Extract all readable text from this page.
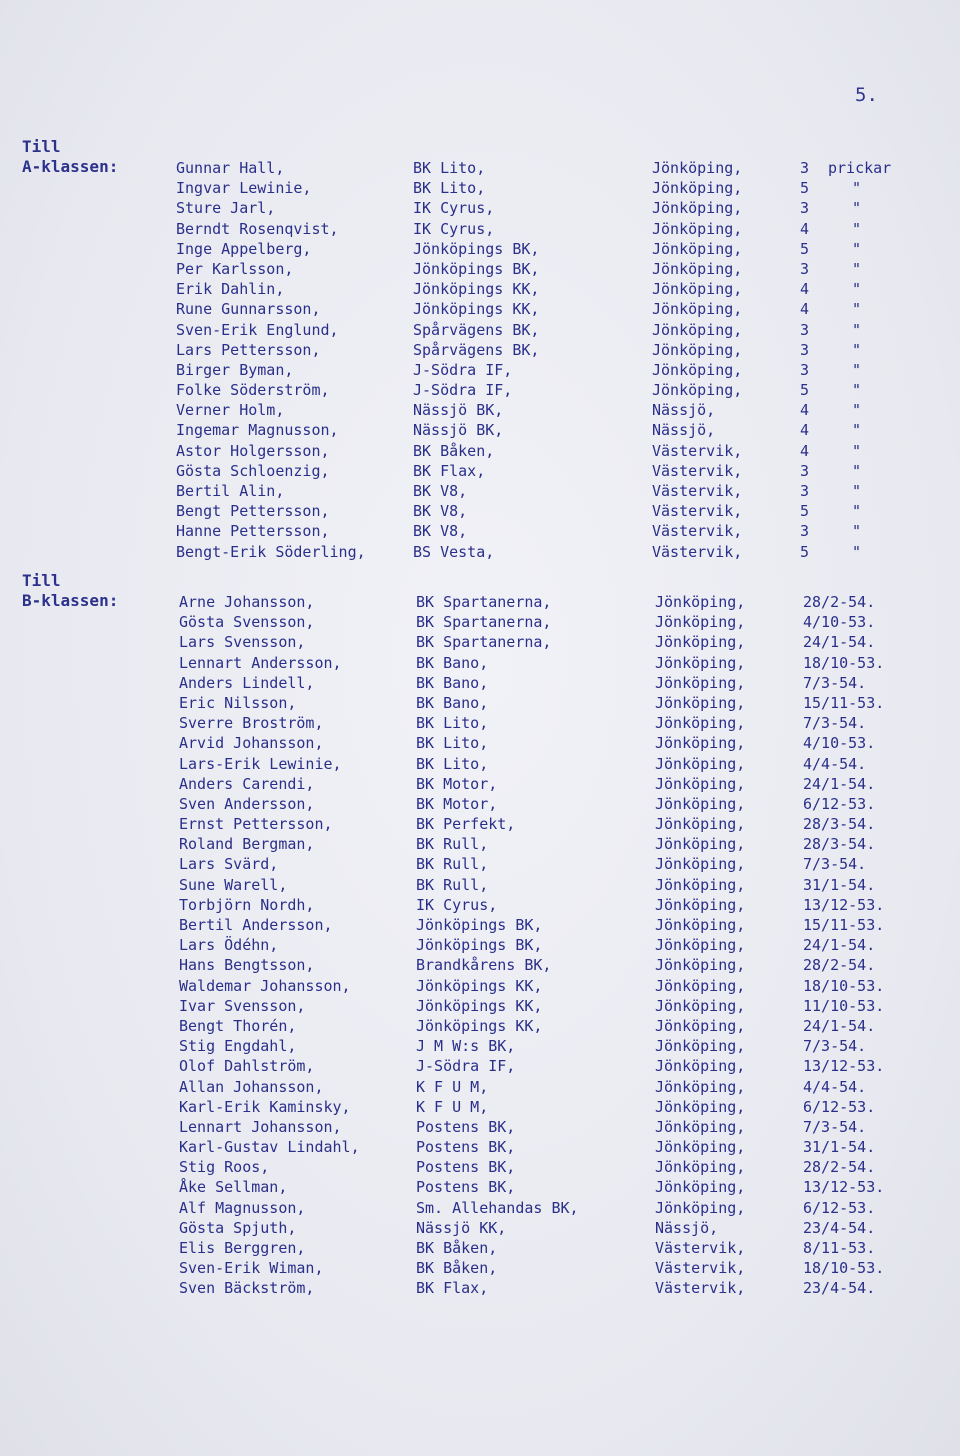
5.
Till
A-klassen:	Gunnar Hall,	BK Lito,	Jönköping,	3 prickar
Ingvar Lewinie,	BK Lito,	Jönköping,	5	"
Sture Jarl,	IK Cyrus,	Jönköping,	3	"
Berndt Rosenqvist,	IK Cyrus,	Jönköping,	4	"
Inge Appelberg,	Jönköpings BK,	Jönköping,	5	"
Per Karlsson,	Jönköpings BK,	Jönköping,	3	"
Erik Dahlin,	Jönköpings KK,	Jönköping,	4	"
Rune Gunnarsson,	Jönköpings KK,	Jönköping,	4	"
Sven-Erik Englund,	Spårvägens BK,	Jönköping,	3	"
Lars Pettersson,	Spårvägens BK,	Jönköping,	3	"
Birger Byman,	J-Södra IF,	Jönköping,	3	"
Folke Söderström,	J-Södra IF,	Jönköping,	5	"
Verner Holm,	Nässjö BK,	Nässjö,	4	"
Ingemar Magnusson,	Nässjö BK,	Nässjö,	4	"
Astor Holgersson,	BK Båken,	Västervik,	4	"
Gösta Schloenzig,	BK Flax,	Västervik,	3	"
Bertil Alin,	BK V8,	Västervik,	3	"
Bengt Pettersson,	BK V8,	Västervik,	5	"
Hanne Pettersson,	BK V8,	Västervik,	3	"
Bengt-Erik Söderling,	BS Vesta,	Västervik,	5	"
Till
B-klassen:	Arne Johansson,	BK Spartanerna,	Jönköping,	28/2-54.
Gösta Svensson,	BK Spartanerna,	Jönköping,	4/10-53.
Lars Svensson,	BK Spartanerna,	Jönköping,	24/1-54.
Lennart Andersson,	BK Bano,	Jönköping,	18/10-53.
Anders Lindell,	BK Bano,	Jönköping,	7/3-54.
Eric Nilsson,	BK Bano,	Jönköping,	15/11-53.
Sverre Broström,	BK Lito,	Jönköping,	7/3-54.
Arvid Johansson,	BK Lito,	Jönköping,	4/10-53.
Lars-Erik Lewinie,	BK Lito,	Jönköping,	4/4-54.
Anders Carendi,	BK Motor,	Jönköping,	24/1-54.
Sven Andersson,	BK Motor,	Jönköping,	6/12-53.
Ernst Pettersson,	BK Perfekt,	Jönköping,	28/3-54.
Roland Bergman,	BK Rull,	Jönköping,	28/3-54.
Lars Svärd,	BK Rull,	Jönköping,	7/3-54.
Sune Warell,	BK Rull,	Jönköping,	31/1-54.
Torbjörn Nordh,	IK Cyrus,	Jönköping,	13/12-53.
Bertil Andersson,	Jönköpings BK,	Jönköping,	15/11-53.
Lars Ödéhn,	Jönköpings BK,	Jönköping,	24/1-54.
Hans Bengtsson,	Brandkårens BK,	Jönköping,	28/2-54.
Waldemar Johansson,	Jönköpings KK,	Jönköping,	18/10-53.
Ivar Svensson,	Jönköpings KK,	Jönköping,	11/10-53.
Bengt Thorén,	Jönköpings KK,	Jönköping,	24/1-54.
Stig Engdahl,	J M W:s BK,	Jönköping,	7/3-54.
Olof Dahlström,	J-Södra IF,	Jönköping,	13/12-53.
Allan Johansson,	K F U M,	Jönköping,	4/4-54.
Karl-Erik Kaminsky,	K F U M,	Jönköping,	6/12-53.
Lennart Johansson,	Postens BK,	Jönköping,	7/3-54.
Karl-Gustav Lindahl,	Postens BK,	Jönköping,	31/1-54.
Stig Roos,	Postens BK,	Jönköping,	28/2-54.
Åke Sellman,	Postens BK,	Jönköping,	13/12-53.
Alf Magnusson,	Sm. Allehandas BK,	Jönköping,	6/12-53.
Gösta Spjuth,	Nässjö KK,	Nässjö,	23/4-54.
Elis Berggren,	BK Båken,	Västervik,	8/11-53.
Sven-Erik Wiman,	BK Båken,	Västervik,	18/10-53.
Sven Bäckström,	BK Flax,	Västervik,	23/4-54.
